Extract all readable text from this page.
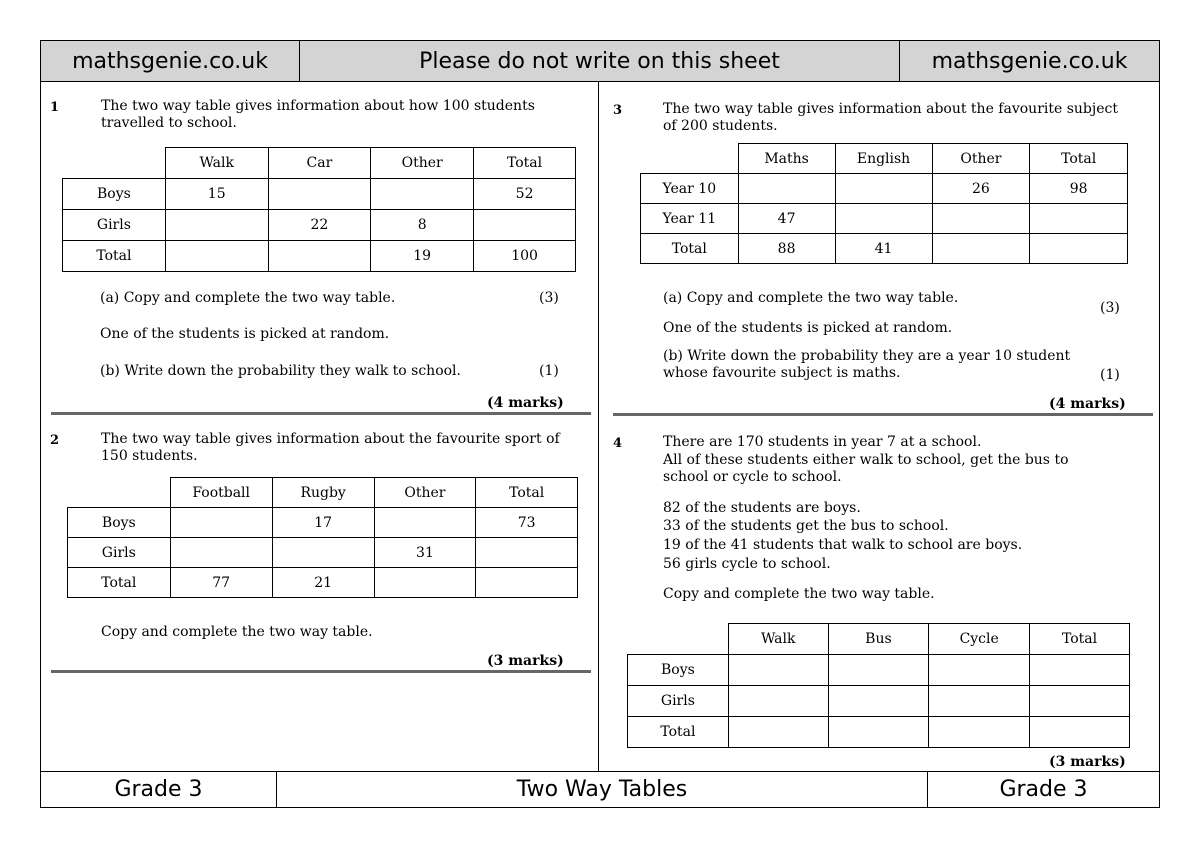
mathsgenie.co.uk	Please do not write on this sheet	mathsgenie.co.uk
1	The two way table gives information about how 100 students travelled to school.
	Walk	Car	Other	Total
Boys	15			52
Girls		22	8	
Total			19	100
(a) Copy and complete the two way table.	(3)
One of the students is picked at random.
(b) Write down the probability they walk to school.	(1)
(4 marks)
2	The two way table gives information about the favourite sport of 150 students.
	Football	Rugby	Other	Total
Boys		17		73
Girls			31	
Total	77	21		
Copy and complete the two way table.
(3 marks)
3	The two way table gives information about the favourite subject of 200 students.
	Maths	English	Other	Total
Year 10			26	98
Year 11	47			
Total	88	41		
(a) Copy and complete the two way table.
(3)
One of the students is picked at random.
(b) Write down the probability they are a year 10 student whose favourite subject is maths.	(1)
(4 marks)
4	There are 170 students in year 7 at a school.
All of these students either walk to school, get the bus to school or cycle to school.
82 of the students are boys.
33 of the students get the bus to school.
19 of the 41 students that walk to school are boys.
56 girls cycle to school.
Copy and complete the two way table.
	Walk	Bus	Cycle	Total
Boys				
Girls				
Total				
(3 marks)
Grade 3	Two Way Tables	Grade 3
